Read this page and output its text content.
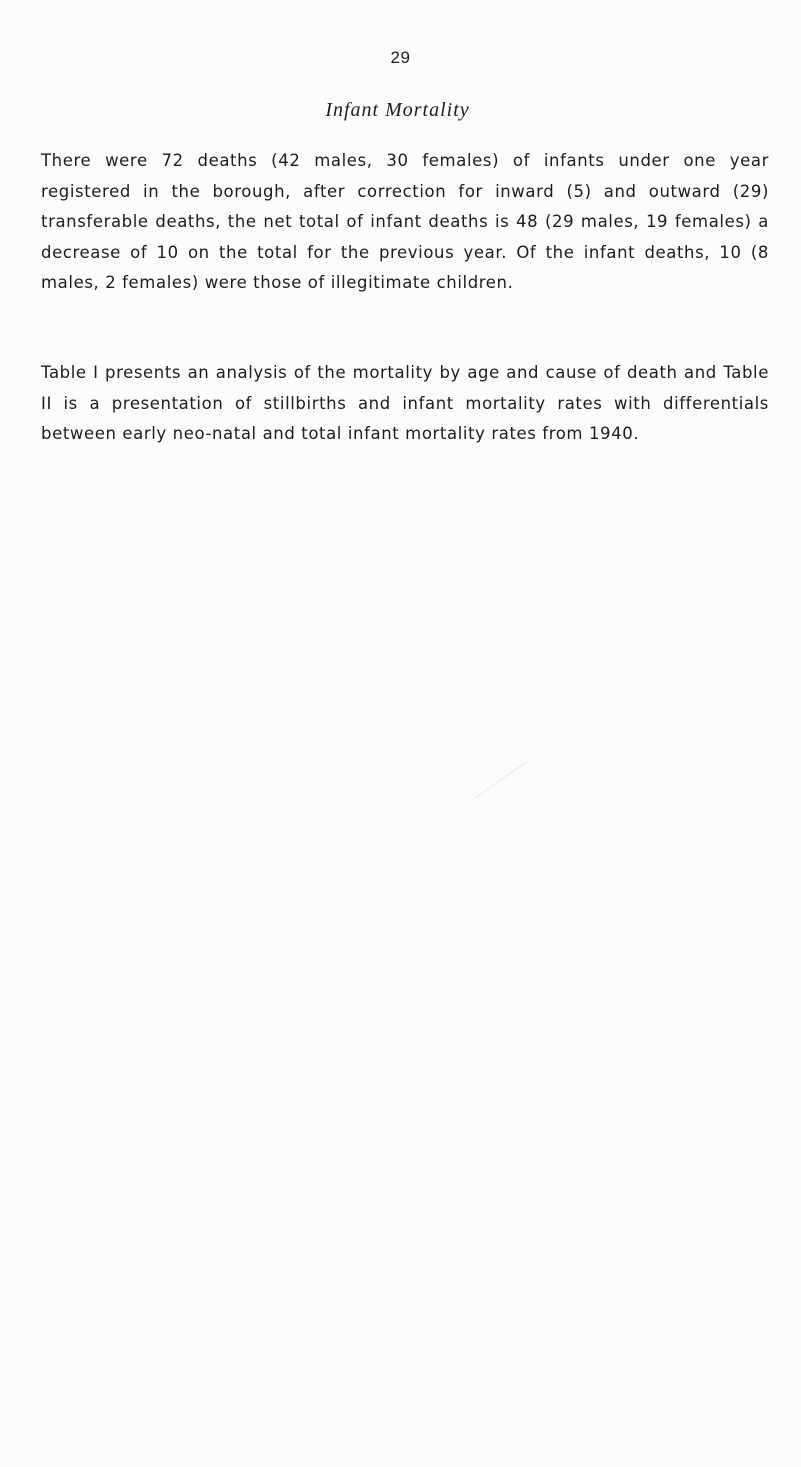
29
Infant Mortality
There were 72 deaths (42 males, 30 females) of infants under one year registered in the borough, after correction for inward (5) and outward (29) transferable deaths, the net total of infant deaths is 48 (29 males, 19 females) a decrease of 10 on the total for the previous year. Of the infant deaths, 10 (8 males, 2 females) were those of illegitimate children.
Table I presents an analysis of the mortality by age and cause of death and Table II is a presentation of stillbirths and infant mortality rates with differentials between early neo-natal and total infant mortality rates from 1940.
